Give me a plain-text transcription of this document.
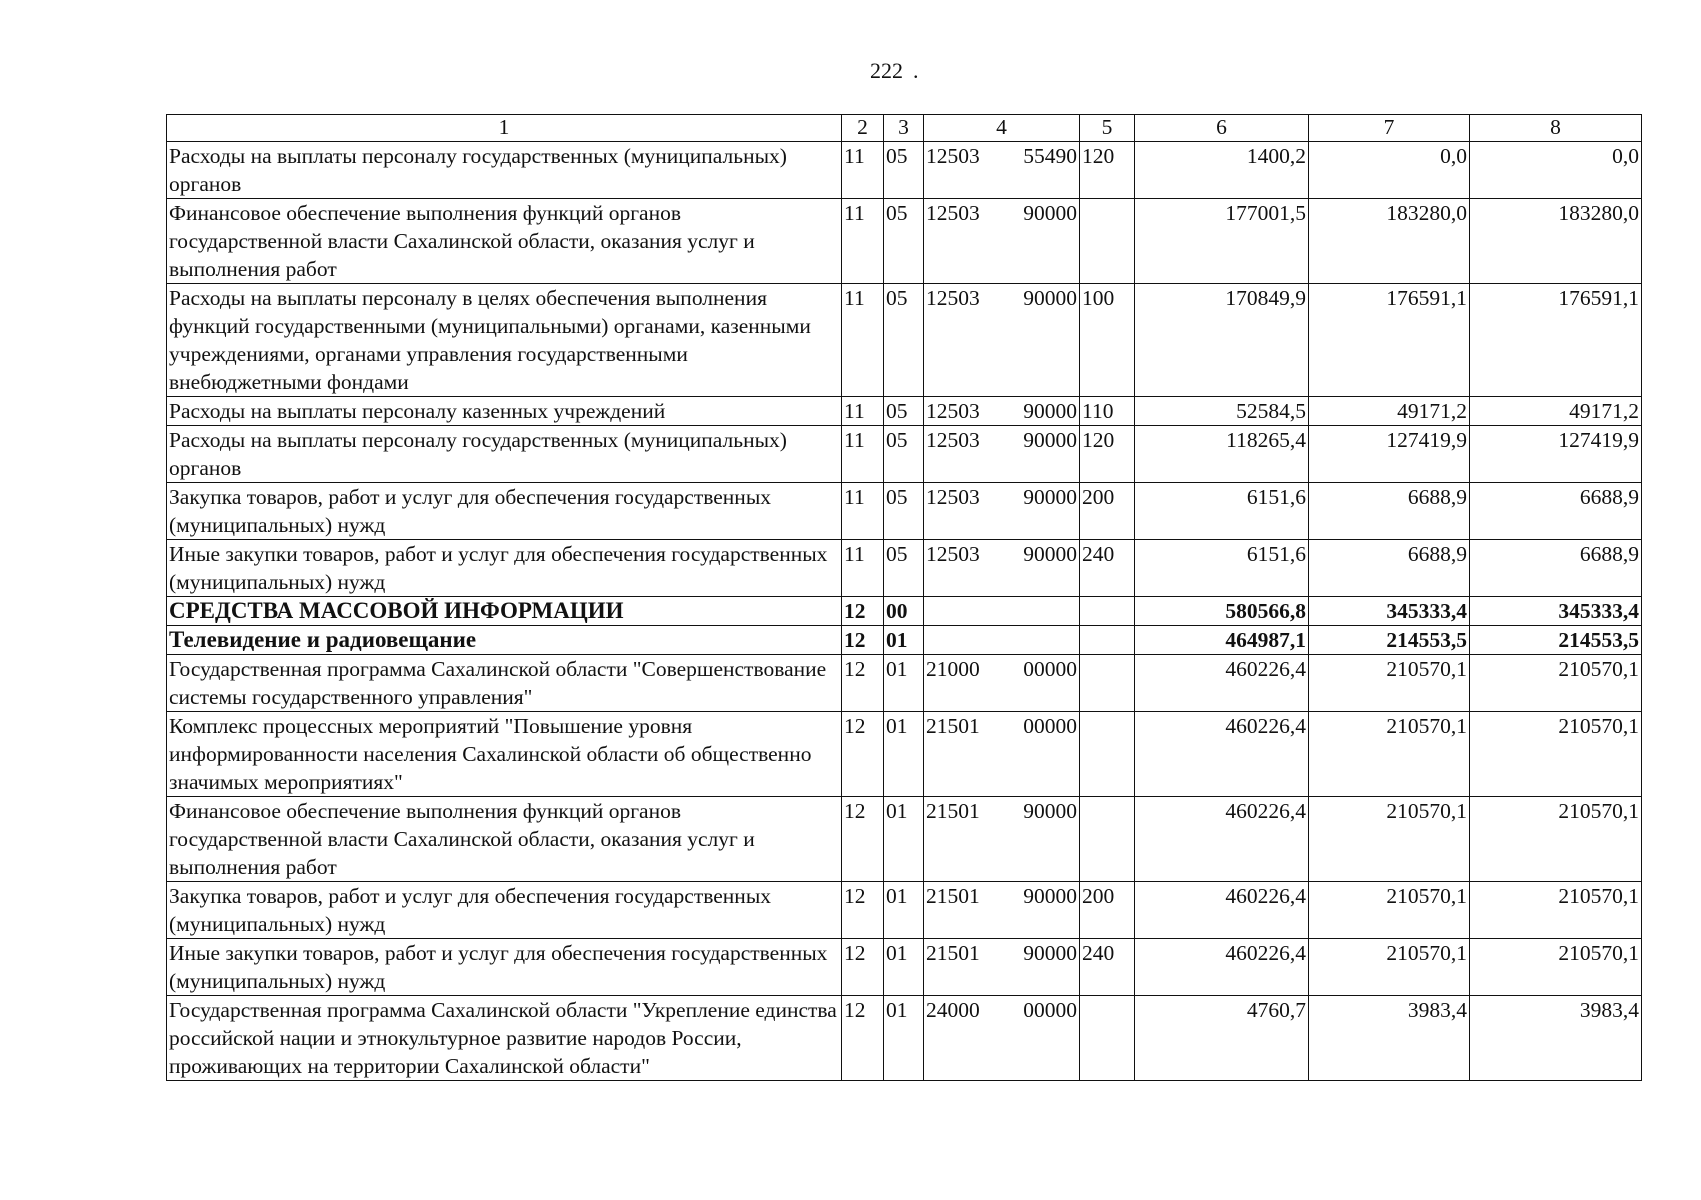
222 .
1	2	3	4	5	6	7	8
Расходы на выплаты персоналу государственных (муниципальных) органов	11	05	12503 55490	120	1400,2	0,0	0,0
Финансовое обеспечение выполнения функций органов государственной власти Сахалинской области, оказания услуг и выполнения работ	11	05	12503 90000		177001,5	183280,0	183280,0
Расходы на выплаты персоналу в целях обеспечения выполнения функций государственными (муниципальными) органами, казенными учреждениями, органами управления государственными внебюджетными фондами	11	05	12503 90000	100	170849,9	176591,1	176591,1
Расходы на выплаты персоналу казенных учреждений	11	05	12503 90000	110	52584,5	49171,2	49171,2
Расходы на выплаты персоналу государственных (муниципальных) органов	11	05	12503 90000	120	118265,4	127419,9	127419,9
Закупка товаров, работ и услуг для обеспечения государственных (муниципальных) нужд	11	05	12503 90000	200	6151,6	6688,9	6688,9
Иные закупки товаров, работ и услуг для обеспечения государственных (муниципальных) нужд	11	05	12503 90000	240	6151,6	6688,9	6688,9
СРЕДСТВА МАССОВОЙ ИНФОРМАЦИИ	12	00			580566,8	345333,4	345333,4
Телевидение и радиовещание	12	01			464987,1	214553,5	214553,5
Государственная программа Сахалинской области "Совершенствование системы государственного управления"	12	01	21000 00000		460226,4	210570,1	210570,1
Комплекс процессных мероприятий "Повышение уровня информированности населения Сахалинской области об общественно значимых мероприятиях"	12	01	21501 00000		460226,4	210570,1	210570,1
Финансовое обеспечение выполнения функций органов государственной власти Сахалинской области, оказания услуг и выполнения работ	12	01	21501 90000		460226,4	210570,1	210570,1
Закупка товаров, работ и услуг для обеспечения государственных (муниципальных) нужд	12	01	21501 90000	200	460226,4	210570,1	210570,1
Иные закупки товаров, работ и услуг для обеспечения государственных (муниципальных) нужд	12	01	21501 90000	240	460226,4	210570,1	210570,1
Государственная программа Сахалинской области "Укрепление единства российской нации и этнокультурное развитие народов России, проживающих на территории Сахалинской области"	12	01	24000 00000		4760,7	3983,4	3983,4
